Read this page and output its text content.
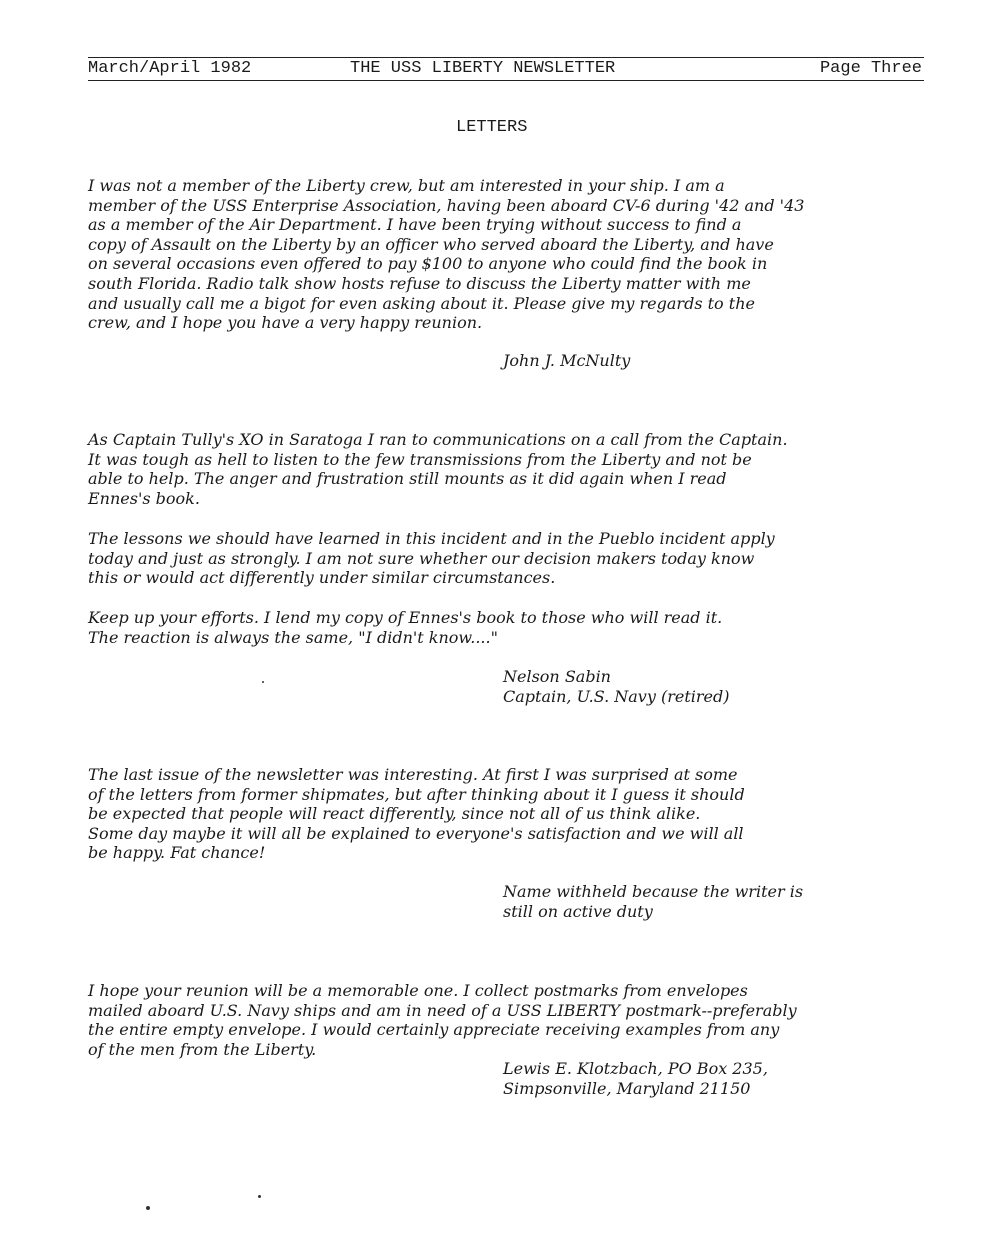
March/April 1982	THE USS LIBERTY NEWSLETTER	Page Three
LETTERS

I was not a member of the Liberty crew, but am interested in your ship. I am a
member of the USS Enterprise Association, having been aboard CV-6 during '42 and '43
as a member of the Air Department. I have been trying without success to find a
copy of Assault on the Liberty by an officer who served aboard the Liberty, and have
on several occasions even offered to pay $100 to anyone who could find the book in
south Florida. Radio talk show hosts refuse to discuss the Liberty matter with me
and usually call me a bigot for even asking about it. Please give my regards to the
crew, and I hope you have a very happy reunion.

John J. McNulty

As Captain Tully's XO in Saratoga I ran to communications on a call from the Captain.
It was tough as hell to listen to the few transmissions from the Liberty and not be
able to help. The anger and frustration still mounts as it did again when I read
Ennes's book.

The lessons we should have learned in this incident and in the Pueblo incident apply
today and just as strongly. I am not sure whether our decision makers today know
this or would act differently under similar circumstances.

Keep up your efforts. I lend my copy of Ennes's book to those who will read it.
The reaction is always the same, "I didn't know...."

Nelson Sabin
Captain, U.S. Navy (retired)

The last issue of the newsletter was interesting. At first I was surprised at some
of the letters from former shipmates, but after thinking about it I guess it should
be expected that people will react differently, since not all of us think alike.
Some day maybe it will all be explained to everyone's satisfaction and we will all
be happy. Fat chance!

Name withheld because the writer is
still on active duty

I hope your reunion will be a memorable one. I collect postmarks from envelopes
mailed aboard U.S. Navy ships and am in need of a USS LIBERTY postmark--preferably
the entire empty envelope. I would certainly appreciate receiving examples from any
of the men from the Liberty.

Lewis E. Klotzbach, PO Box 235,
Simpsonville, Maryland 21150
